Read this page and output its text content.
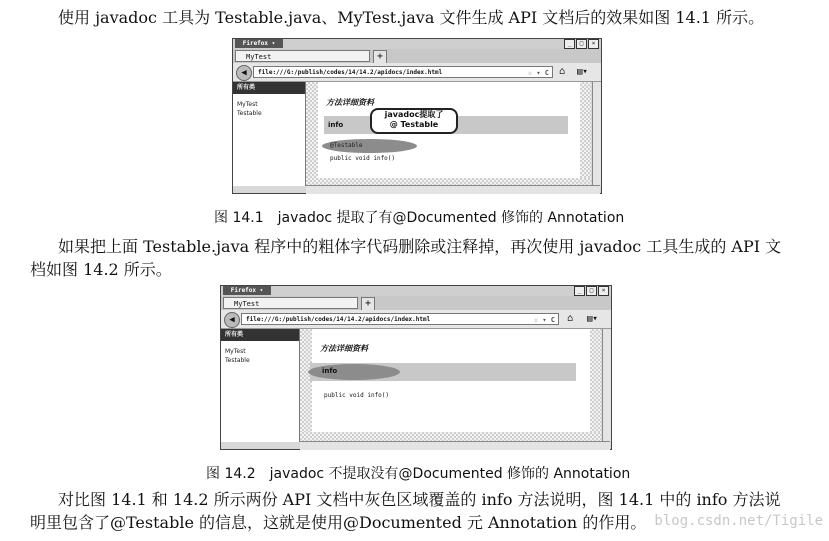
使用 javadoc 工具为 Testable.java、MyTest.java 文件生成 API 文档后的效果如图 14.1 所示。
Firefox ▾	_	□	×
MyTest	+
◀	file:///G:/publish/codes/14/14.2/apidocs/index.html	☆ ▾ C ⌂ ▤▾
所有类
MyTest
Testable
方法详细资料
info
javadoc提取了
@ Testable
@Testable
public void info()
图 14.1　javadoc 提取了有@Documented 修饰的 Annotation
如果把上面 Testable.java 程序中的粗体字代码删除或注释掉，再次使用 javadoc 工具生成的 API 文
档如图 14.2 所示。
Firefox ▾	_	□	×
MyTest	+
◀	file:///G:/publish/codes/14/14.2/apidocs/index.html	☆ ▾ C ⌂ ▤▾
所有类
MyTest
Testable
方法详细资料
info
public void info()
图 14.2　javadoc 不提取没有@Documented 修饰的 Annotation
对比图 14.1 和 14.2 所示两份 API 文档中灰色区域覆盖的 info 方法说明，图 14.1 中的 info 方法说
明里包含了@Testable 的信息，这就是使用@Documented 元 Annotation 的作用。 blog.csdn.net/Tigile
